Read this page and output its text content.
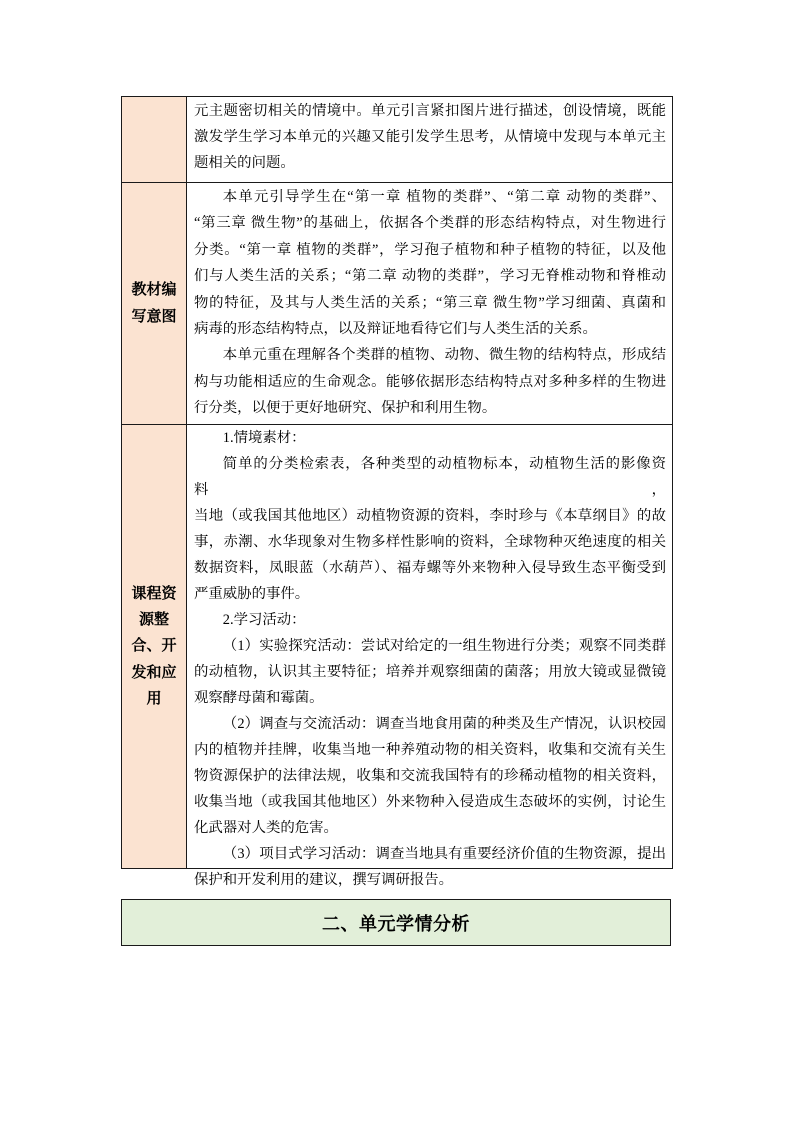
元主题密切相关的情境中。单元引言紧扣图片进行描述，创设情境，既能
激发学生学习本单元的兴趣又能引发学生思考，从情境中发现与本单元主
题相关的问题。
教材编
写意图
本单元引导学生在“第一章 植物的类群”、“第二章 动物的类群”、
“第三章 微生物”的基础上，依据各个类群的形态结构特点，对生物进行
分类。“第一章 植物的类群”，学习孢子植物和种子植物的特征，以及他
们与人类生活的关系；“第二章 动物的类群”，学习无脊椎动物和脊椎动
物的特征，及其与人类生活的关系；“第三章 微生物”学习细菌、真菌和
病毒的形态结构特点，以及辩证地看待它们与人类生活的关系。
本单元重在理解各个类群的植物、动物、微生物的结构特点，形成结
构与功能相适应的生命观念。能够依据形态结构特点对多种多样的生物进
行分类，以便于更好地研究、保护和利用生物。
课程资
源整
合、开
发和应
用
1.情境素材：
简单的分类检索表，各种类型的动植物标本，动植物生活的影像资料，
当地（或我国其他地区）动植物资源的资料，李时珍与《本草纲目》的故
事，赤潮、水华现象对生物多样性影响的资料，全球物种灭绝速度的相关
数据资料，凤眼蓝（水葫芦）、福寿螺等外来物种入侵导致生态平衡受到
严重威胁的事件。
2.学习活动：
（1）实验探究活动：尝试对给定的一组生物进行分类；观察不同类群
的动植物，认识其主要特征；培养并观察细菌的菌落；用放大镜或显微镜
观察酵母菌和霉菌。
（2）调查与交流活动：调查当地食用菌的种类及生产情况，认识校园
内的植物并挂牌，收集当地一种养殖动物的相关资料，收集和交流有关生
物资源保护的法律法规，收集和交流我国特有的珍稀动植物的相关资料，
收集当地（或我国其他地区）外来物种入侵造成生态破坏的实例，讨论生
化武器对人类的危害。
（3）项目式学习活动：调查当地具有重要经济价值的生物资源，提出
保护和开发利用的建议，撰写调研报告。
二、单元学情分析
